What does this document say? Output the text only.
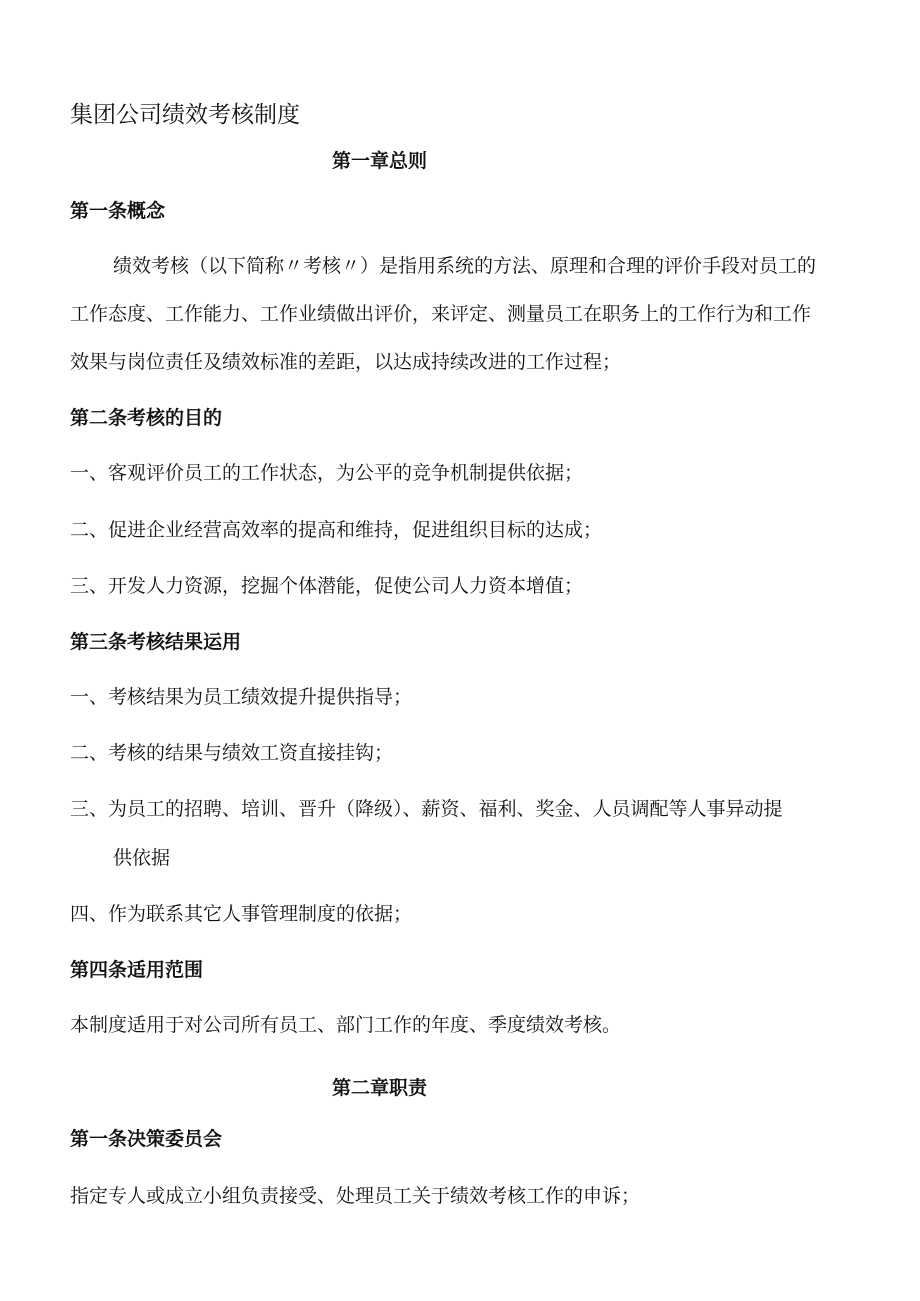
集团公司绩效考核制度
第一章总则
第一条概念
绩效考核（以下简称〃考核〃）是指用系统的方法、原理和合理的评价手段对员工的
工作态度、工作能力、工作业绩做出评价，来评定、测量员工在职务上的工作行为和工作
效果与岗位责任及绩效标准的差距，以达成持续改进的工作过程；
第二条考核的目的
一、客观评价员工的工作状态，为公平的竞争机制提供依据；
二、促进企业经营高效率的提高和维持，促进组织目标的达成；
三、开发人力资源，挖掘个体潜能，促使公司人力资本增值；
第三条考核结果运用
一、考核结果为员工绩效提升提供指导；
二、考核的结果与绩效工资直接挂钩；
三、为员工的招聘、培训、晋升（降级）、薪资、福利、奖金、人员调配等人事异动提
供依据
四、作为联系其它人事管理制度的依据；
第四条适用范围
本制度适用于对公司所有员工、部门工作的年度、季度绩效考核。
第二章职责
第一条决策委员会
指定专人或成立小组负责接受、处理员工关于绩效考核工作的申诉；
